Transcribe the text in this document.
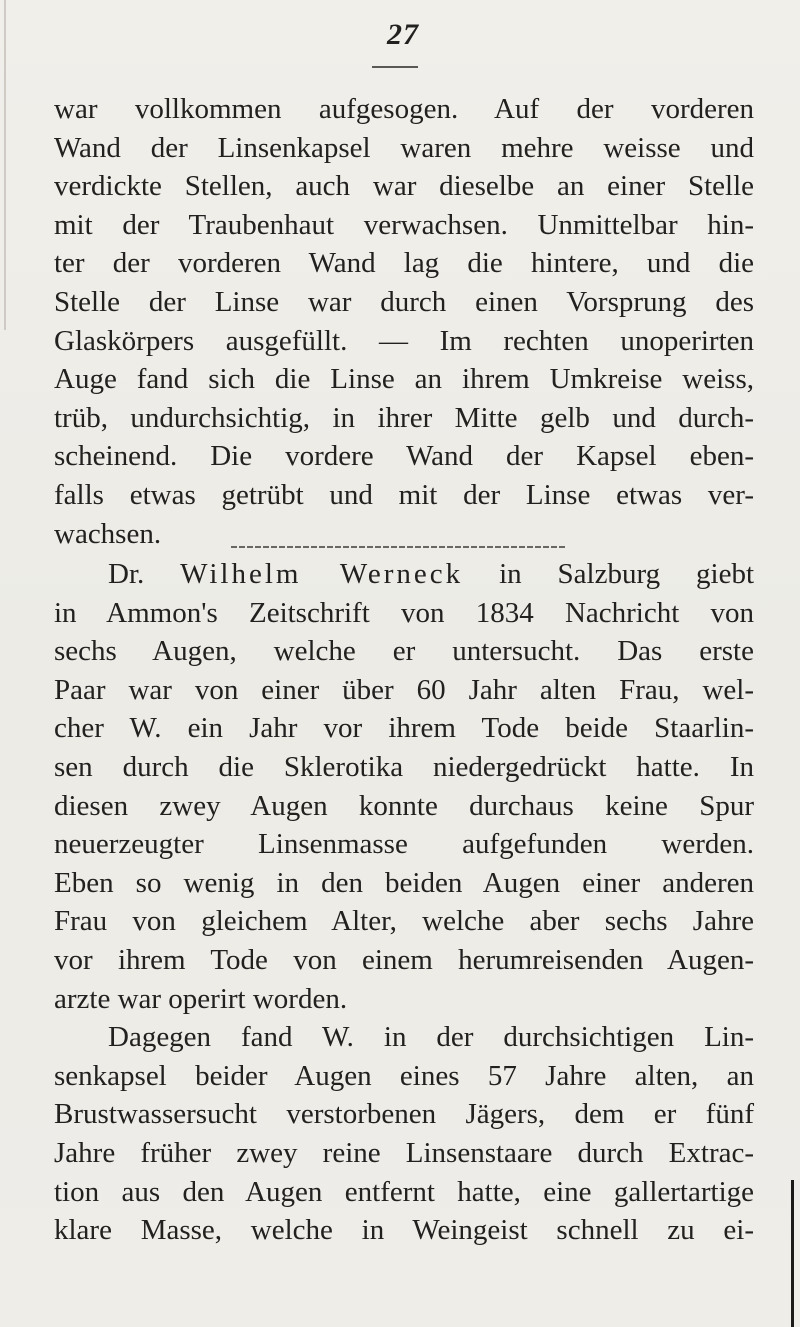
27
war vollkommen aufgesogen. Auf der vorderen
Wand der Linsenkapsel waren mehre weisse und
verdickte Stellen, auch war dieselbe an einer Stelle
mit der Traubenhaut verwachsen. Unmittelbar hin-
ter der vorderen Wand lag die hintere, und die
Stelle der Linse war durch einen Vorsprung des
Glaskörpers ausgefüllt. — Im rechten unoperirten
Auge fand sich die Linse an ihrem Umkreise weiss,
trüb, undurchsichtig, in ihrer Mitte gelb und durch-
scheinend. Die vordere Wand der Kapsel eben-
falls etwas getrübt und mit der Linse etwas ver-
wachsen.
Dr. Wilhelm Werneck in Salzburg giebt
in Ammon's Zeitschrift von 1834 Nachricht von
sechs Augen, welche er untersucht. Das erste
Paar war von einer über 60 Jahr alten Frau, wel-
cher W. ein Jahr vor ihrem Tode beide Staarlin-
sen durch die Sklerotika niedergedrückt hatte. In
diesen zwey Augen konnte durchaus keine Spur
neuerzeugter Linsenmasse aufgefunden werden.
Eben so wenig in den beiden Augen einer anderen
Frau von gleichem Alter, welche aber sechs Jahre
vor ihrem Tode von einem herumreisenden Augen-
arzte war operirt worden.
Dagegen fand W. in der durchsichtigen Lin-
senkapsel beider Augen eines 57 Jahre alten, an
Brustwassersucht verstorbenen Jägers, dem er fünf
Jahre früher zwey reine Linsenstaare durch Extrac-
tion aus den Augen entfernt hatte, eine gallertartige
klare Masse, welche in Weingeist schnell zu ei-
